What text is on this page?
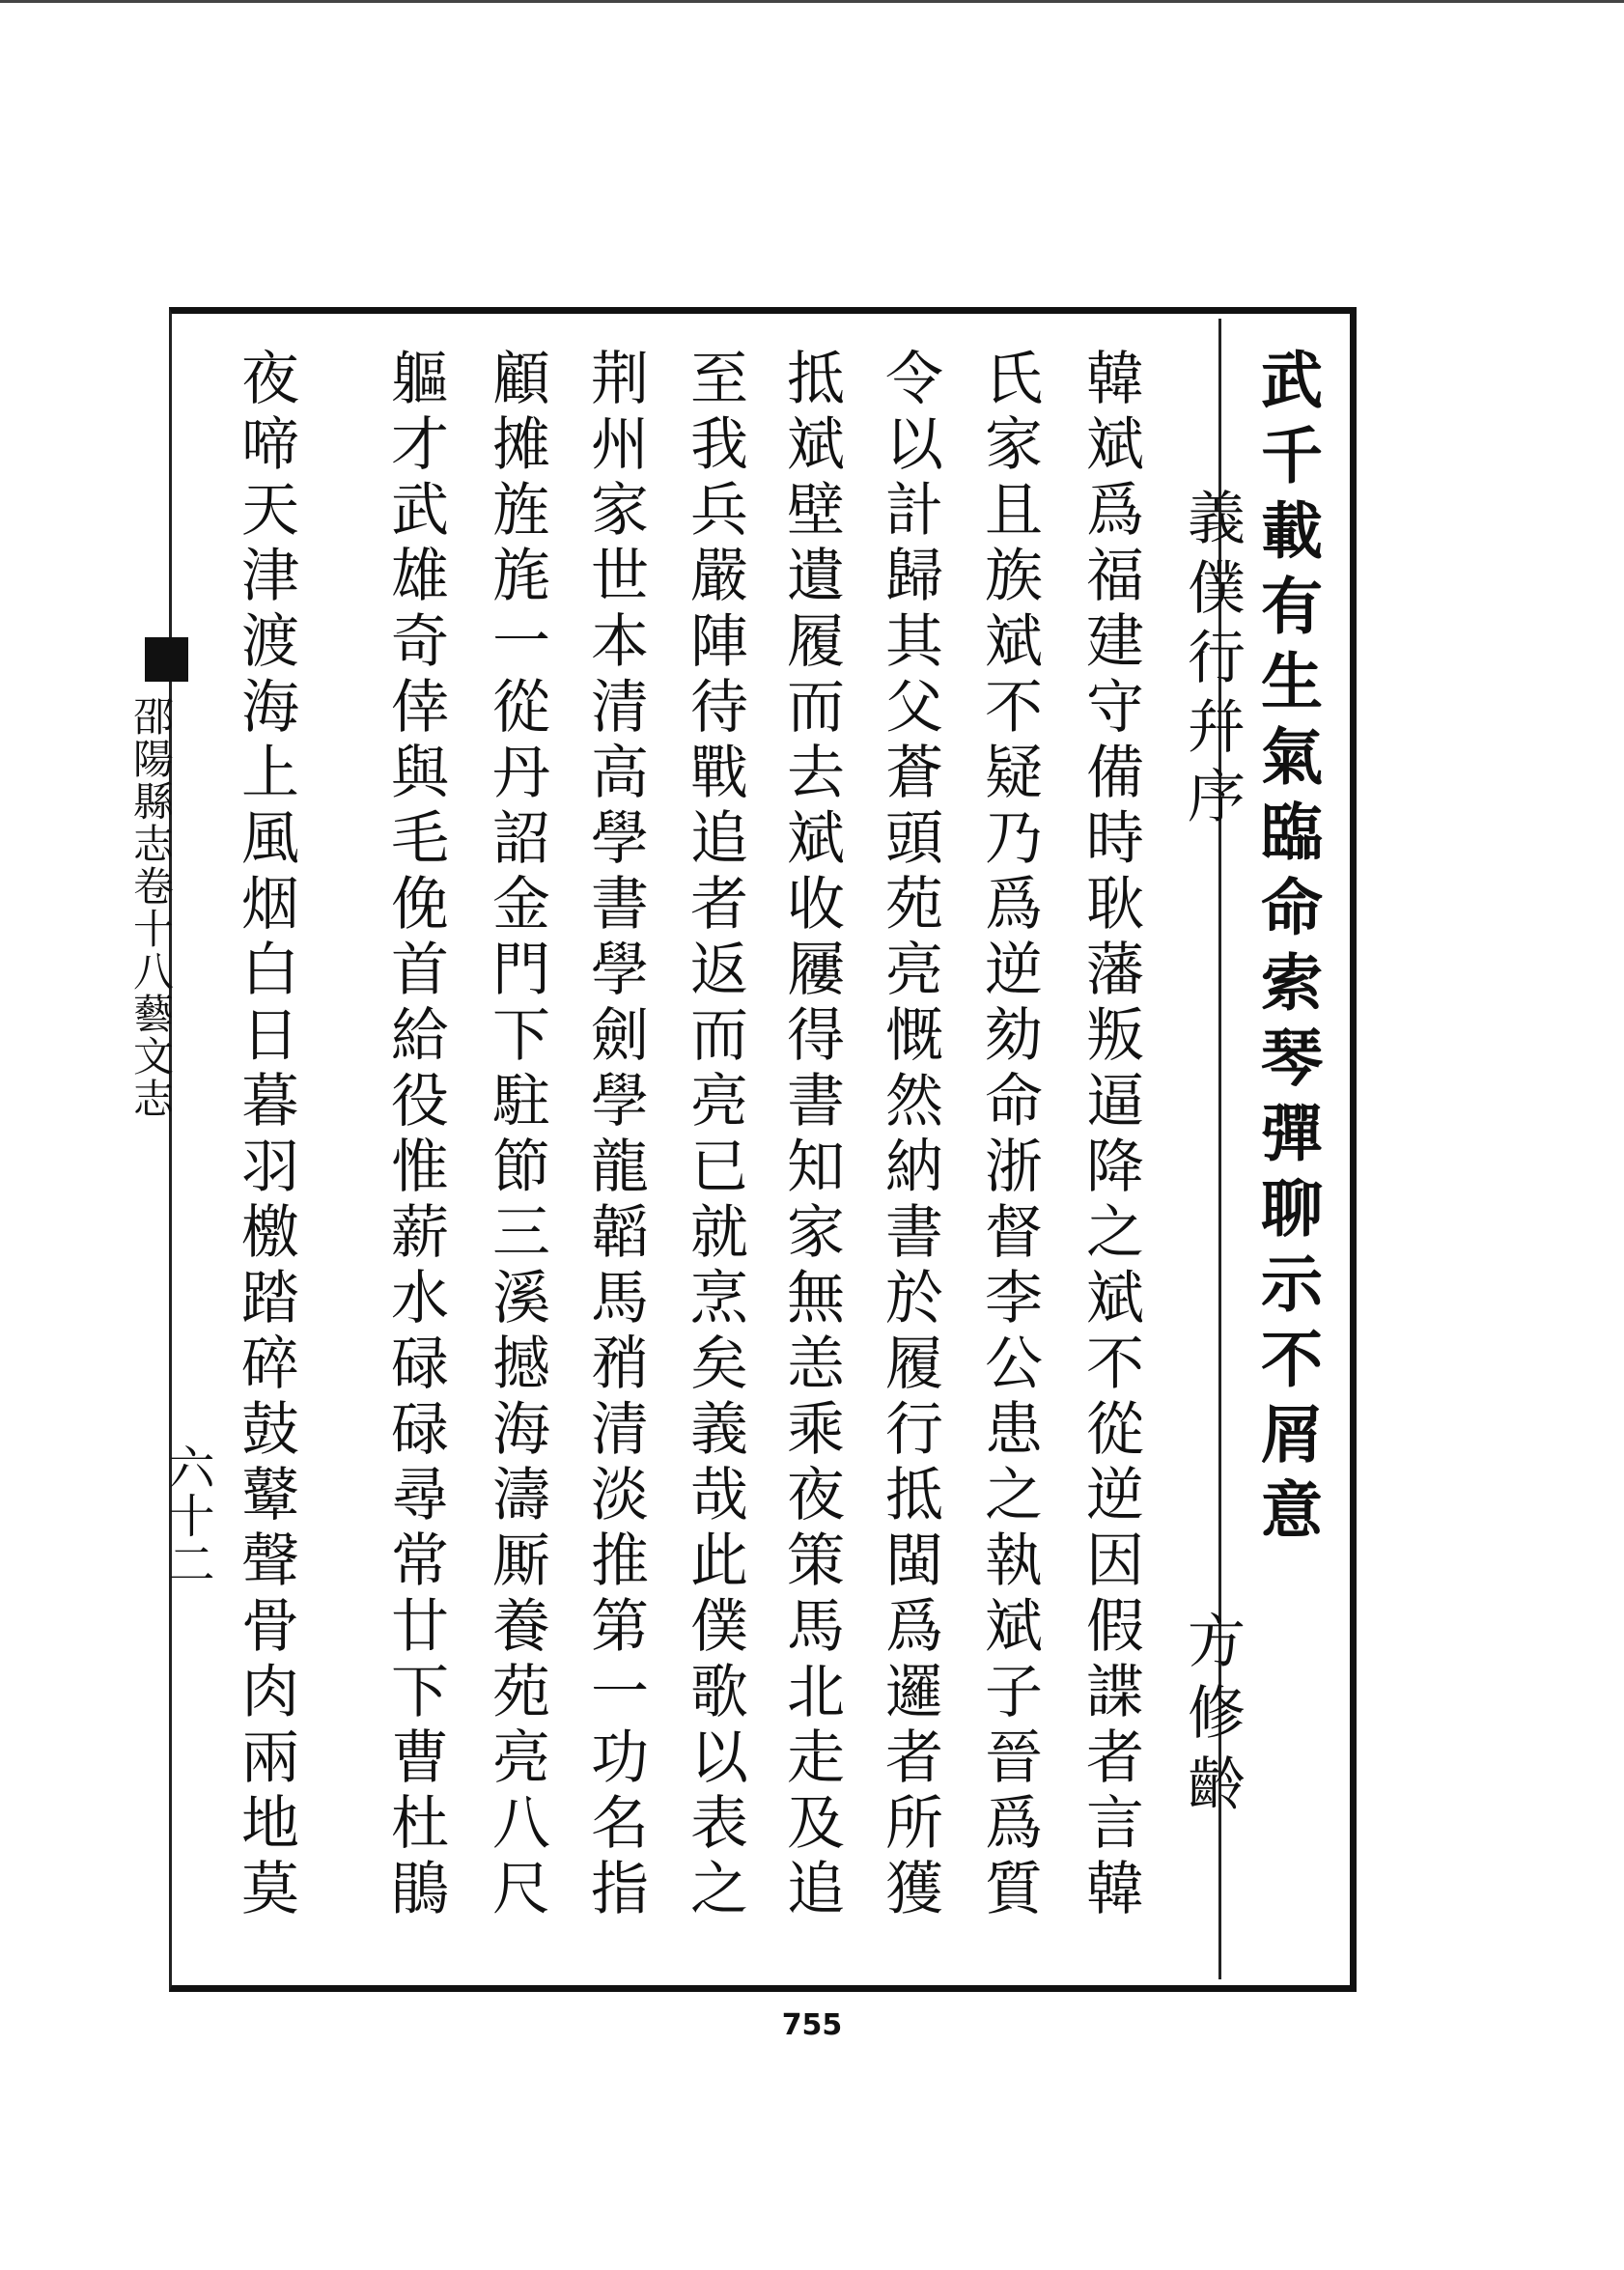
武千載有生氣臨命索琴彈聊示不屑意
義僕行幷序
方修齡
韓斌爲福建守備時耿藩叛逼降之斌不從逆因假諜者言韓
氏家且族斌不疑乃爲逆劾命浙督李公患之執斌子晉爲質
令以計歸其父蒼頭苑亮慨然納書於履行抵閩爲邏者所獲
抵斌壁遺履而去斌收屨得書知家無恙乘夜策馬北走及追
至我兵嚴陣待戰追者返而亮已就烹矣義哉此僕歌以表之
荆州家世本清高學書學劍學龍韜馬矟清淡推第一功名指
顧摊旌旄一從丹詔金門下駐節三溪撼海濤厮養苑亮八尺
軀才武雄奇倖與毛俛首給役惟薪水碌碌尋常廿下曹杜鵑
夜啼天津渡海上風烟白日暮羽檄踏碎鼓鼙聲骨肉兩地莫
邵陽縣志卷十八藝文志
六十二
755
